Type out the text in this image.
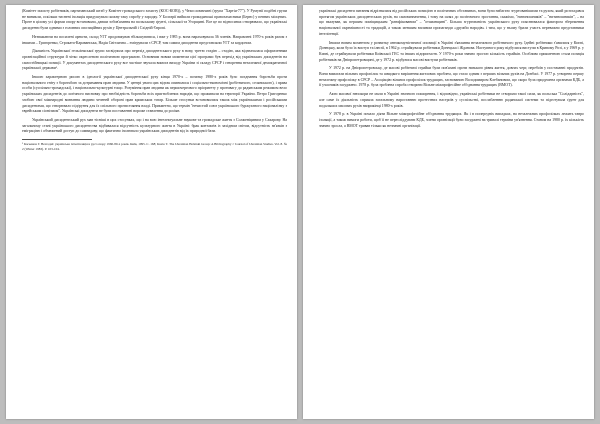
(Комітет захисту робітників, партизанський штаб у Комітет громадського захисту (КОС-КОR)), у Чехословаччині (група "Хартія-77"). У Румунії подібні групи не виникли, оскільки тиснені ізоляція придушувало кожну таку спробу у зародку. У Болгарії вийшли громадянські правозахисники (Бернс) у певних місцевих. Проте в цілому усі форми опору встановили, давши зобов'язання на польському ґрунті, сільської та Угорщині. Все це по відносинах створювало, що українські дисиденти були одними з головних опозиційних рухів у Центральній і Східній Європі.

Незважаючи на посилені арешти, склад УГГ продовжував збільшуватися, і вже у 1985 р. вона нараховувала 36 членів. Направлені 1970-х років разом з іншими – Григоренко, Строката-Караванська, Надія Світлична – емігрували з СРСР, там самим дисиденти представляли УГГ за кордоном.

Діяльність Української гельсінкської групи засвідчила про перехід дисидентського руху в нову, третю стадію – стадію, яка відзначалася оформленням організаційної структури й чітко окресленою політичною програмою. Основним новим моментом цієї програми був перехід від українських дисидентів на самостійницькі позиції. У документах дисидентського руху все частіше звучала вимога виходу України зі складу СРСР і створення незалежної демократичної української держави¹.

Іншою характерною рисою в ідеології української дисидентської руху кінця 1970-х – початку 1980-х років було поєднання боротьби проти національного гніту з боротьбою за дотримання прав людини. У центрі уваги цих відтак опинилися і соціально-економічні (робітничого, селянського), і права особи (суспільно-громадські), і національно-культурні тощо. Розуміння прав людини як першочергового пріоритету у противагу до радянським режимом вело українських дисидентів до логічного висновку про необхідність боротьби всіх пригноблених народів, що проживали на території України. Петро Григоренко злобою свої міжнародні визнання людини чеченей обороні прав кримських татар. Більше стосунки встановилися також між українськими і російськими дисидентами, що створювало підґрунтя для їх спільного протистояння владі. Прикметно, що термін "нечистий союз українського буржуазного націоналізму з єврейським сіонізмом". Українські дисиденти не були поставленні вороже ставлення до росіян.

Український дисидентський рух мав тісніші в цих стосунках, що і на всю інтелектуальне наукове та громадське життя з Солженіциним у Сахарову. На загальному стані українського дисидентства відбивалася відсутність культурного життя в Україні: брак контактів із західним світом, відсутність зв'язків з еміграцією і обмежений доступ до самвидаву, що фактично ізолювало українських дисидентів від їх природної бази.

¹ Касьянов Г. Незгодні: українська інтелігенція в русі опору 1960-80-х років. Київ, 1995. С. 168; Kuzio T. The Ukrainian Helsinki Group: A Bibliography // Journal of Ukrainian Studies. Vol. 8. № 2 (Winter 1983). P. 103-104.

українські дисиденти питання відрізнялися від російських позицією в політичних обставинах, вони були набагато згуртованішими та рухом, який розгладався протягом українських дисидентських рухів, на самовизначення, і тому на шлях до політичного зростання, скажімо, "нитиношників" – "нитиношників", – на що вказував, як першим поміщицьким "ратифікованим" – "отаманщині". Більша згуртованість українського руху пояснювалася фактором збереження національної окремішності та традицій, а також меншим впливом пропаганди «дружби народів» і тим, що у ньому брали участь переважно представники інтелігенції.

Іншим новим моментом у розвитку антикомуністичної опозиції в Україні з'являння незалежного робітничого руху. Ідейні робітники з'явилися у Києві, Донецьку, коли було їх виступ та ілюзії, в 1962 р. страйкували робітники Донецька і Жданова. Наступного року відбулися виступи в Кривому Розі, а у 1969 р. у Києві, де страйкували робітники Київської ГЕС та інших підприємств. У 1970-х роки значно зростає кількість страйків. Особливо прикметною стала позиція робітників на Дніпропетровщині, де у 1972 р. відбулися масові виступи робітників.

У 1972 р. на Дніпропетровську, де масові робітничі страйки були пов'язані проти низького рівня життя, довгих черг, перебоїв у постачанні продуктів. Вони вимагали вільних профспілок та швидкого вирішення житлових проблем, що стало одним з перших вільних рухів на Донбасі. У 1977 р. утворено першу незалежну профспілку в СРСР – Асоціацію вільних профспілок трудящих, заснованою Володимиром Клебановим, що скоро була придушена органами КДБ, а її учасників засуджено. 1978 р. була зроблена спроба створити Вільне міжпрофесійне об'єднання трудящих (ВМОТ).

Акти масової непокори не мали в Україні значного поширення, і відповідно, українські робітники не створили такої сили, як польська "Солідарність", але саме їх діяльність сприяла загальному наростанню протестних настроїв у суспільстві, послабленню радянської системи та підготувала ґрунт для подальших масових рухів наприкінці 1980-х років.

У 1978 р. в Україні почало діяти Вільне міжпрофесійне об'єднання трудящих. Як і в попередніх випадках, на незалежних профспілках лежить тавро ізоляції, а також вимоги роботи, щоб її не пересліддувати КДБ, члени організації були засуджені на тривалі терміни ув'язнення. Станом на 1980 р. їх кількість значно зросла, а ВМОТ тривав тільки як незначні організації.
